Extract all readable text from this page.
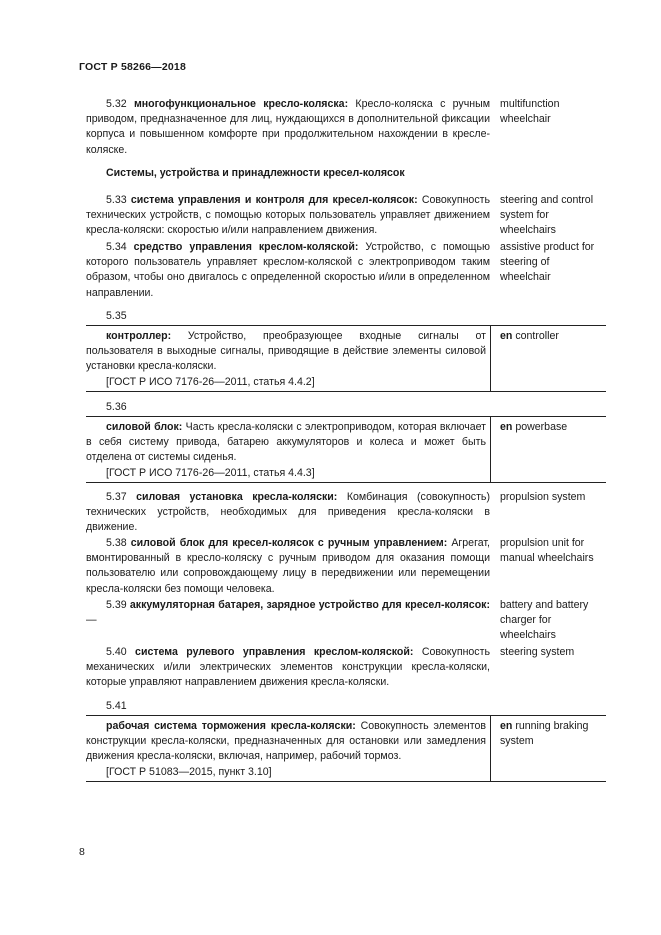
ГОСТ Р 58266—2018

5.32 многофункциональное кресло-коляска: Кресло-коляска с ручным приводом, предназначенное для лиц, нуждающихся в дополнительной фиксации корпуса и повышенном комфорте при продолжительном нахождении в кресле-коляске.

multifunction wheelchair
Системы, устройства и принадлежности кресел-колясок

5.33 система управления и контроля для кресел-колясок: Совокупность технических устройств, с помощью которых пользователь управляет движением кресла-коляски: скоростью и/или направлением движения.

steering and control system for wheelchairs

5.34 средство управления креслом-коляской: Устройство, с помощью которого пользователь управляет креслом-коляской с электроприводом таким образом, чтобы оно двигалось с определенной скоростью и/или в определенном направлении.

assistive product for steering of wheelchair
5.35

контроллер: Устройство, преобразующее входные сигналы от пользователя в выходные сигналы, приводящие в действие элементы силовой установки кресла-коляски.

[ГОСТ Р ИСО 7176-26—2011, статья 4.4.2]

en controller
5.36

силовой блок: Часть кресла-коляски с электроприводом, которая включает в себя систему привода, батарею аккумуляторов и колеса и может быть отделена от системы сиденья.

[ГОСТ Р ИСО 7176-26—2011, статья 4.4.3]

en powerbase

5.37 силовая установка кресла-коляски: Комбинация (совокупность) технических устройств, необходимых для приведения кресла-коляски в движение.

propulsion system

5.38 силовой блок для кресел-колясок с ручным управлением: Агрегат, вмонтированный в кресло-коляску с ручным приводом для оказания помощи пользователю или сопровождающему лицу в передвижении или перемещении кресла-коляски без помощи человека.

propulsion unit for manual wheelchairs

5.39 аккумуляторная батарея, зарядное устройство для кресел-колясок: —

battery and battery charger for wheelchairs

5.40 система рулевого управления креслом-коляской: Совокупность механических и/или электрических элементов конструкции кресла-коляски, которые управляют направлением движения кресла-коляски.

steering system
5.41

рабочая система торможения кресла-коляски: Совокупность элементов конструкции кресла-коляски, предназначенных для остановки или замедления движения кресла-коляски, включая, например, рабочий тормоз.

[ГОСТ Р 51083—2015, пункт 3.10]

en running braking system
8
